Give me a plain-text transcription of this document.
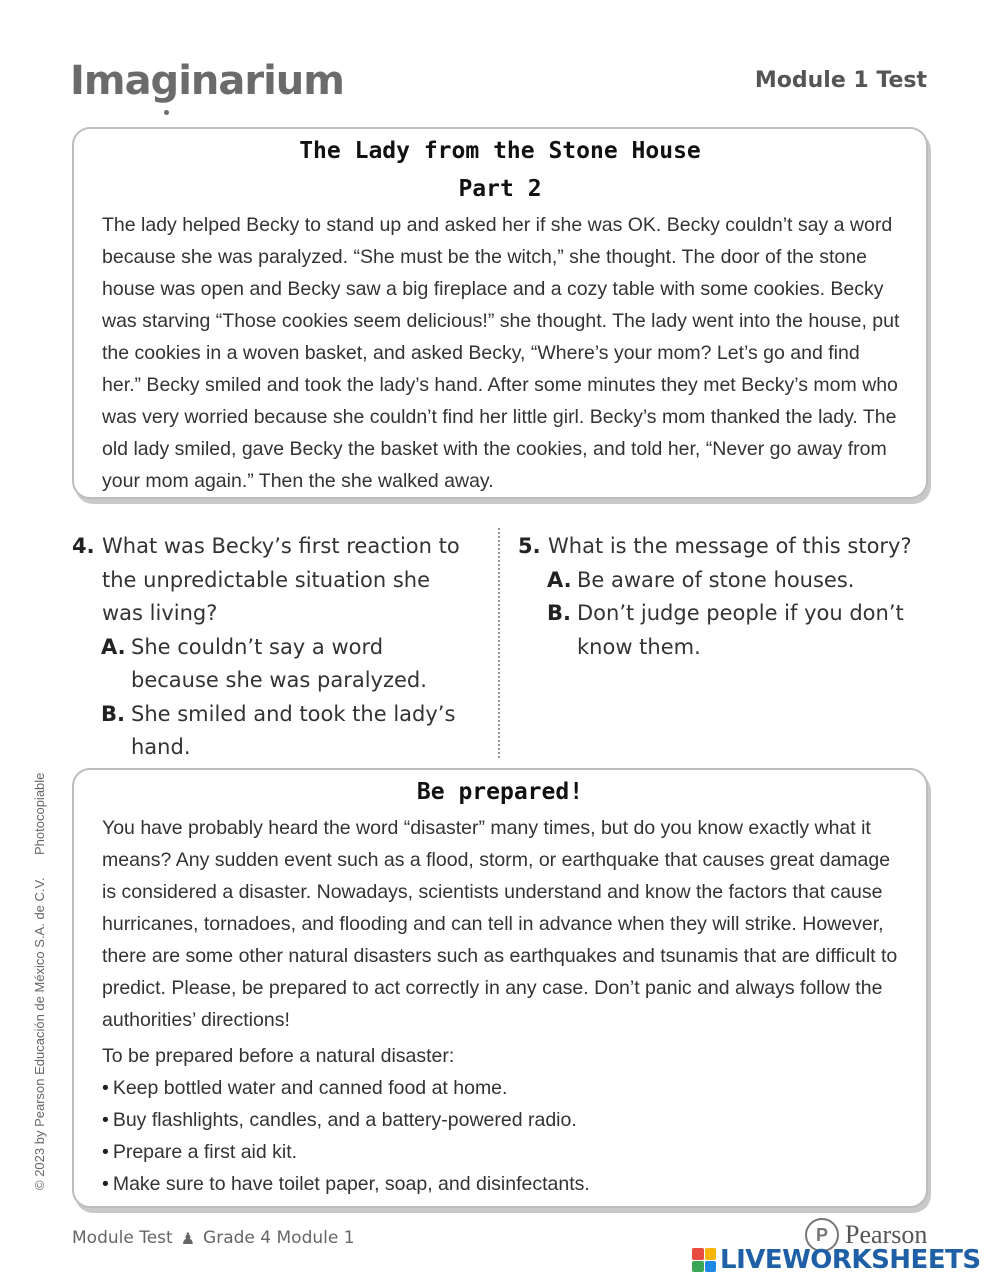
Imaginarium	Module 1 Test
The Lady from the Stone House
Part 2

The lady helped Becky to stand up and asked her if she was OK. Becky couldn’t say a word because she was paralyzed. “She must be the witch,” she thought. The door of the stone house was open and Becky saw a big fireplace and a cozy table with some cookies. Becky was starving “Those cookies seem delicious!” she thought. The lady went into the house, put the cookies in a woven basket, and asked Becky, “Where’s your mom? Let’s go and find her.” Becky smiled and took the lady’s hand. After some minutes they met Becky’s mom who was very worried because she couldn’t find her little girl. Becky’s mom thanked the lady. The old lady smiled, gave Becky the basket with the cookies, and told her, “Never go away from your mom again.” Then the she walked away.

4. What was Becky’s first reaction to the unpredictable situation she was living?
A. She couldn’t say a word because she was paralyzed.
B. She smiled and took the lady’s hand.
5. What is the message of this story?
A. Be aware of stone houses.
B. Don’t judge people if you don’t know them.
Be prepared!

You have probably heard the word “disaster” many times, but do you know exactly what it means? Any sudden event such as a flood, storm, or earthquake that causes great damage is considered a disaster. Nowadays, scientists understand and know the factors that cause hurricanes, tornadoes, and flooding and can tell in advance when they will strike. However, there are some other natural disasters such as earthquakes and tsunamis that are difficult to predict. Please, be prepared to act correctly in any case. Don’t panic and always follow the authorities’ directions!

To be prepared before a natural disaster:

• Keep bottled water and canned food at home.
• Buy flashlights, candles, and a battery-powered radio.
• Prepare a first aid kit.
• Make sure to have toilet paper, soap, and disinfectants.
© 2023 by Pearson Educación de México S.A. de C.V.
Photocopiable
Module Test ♟ Grade 4 Module 1	P Pearson
LIVEWORKSHEETS
